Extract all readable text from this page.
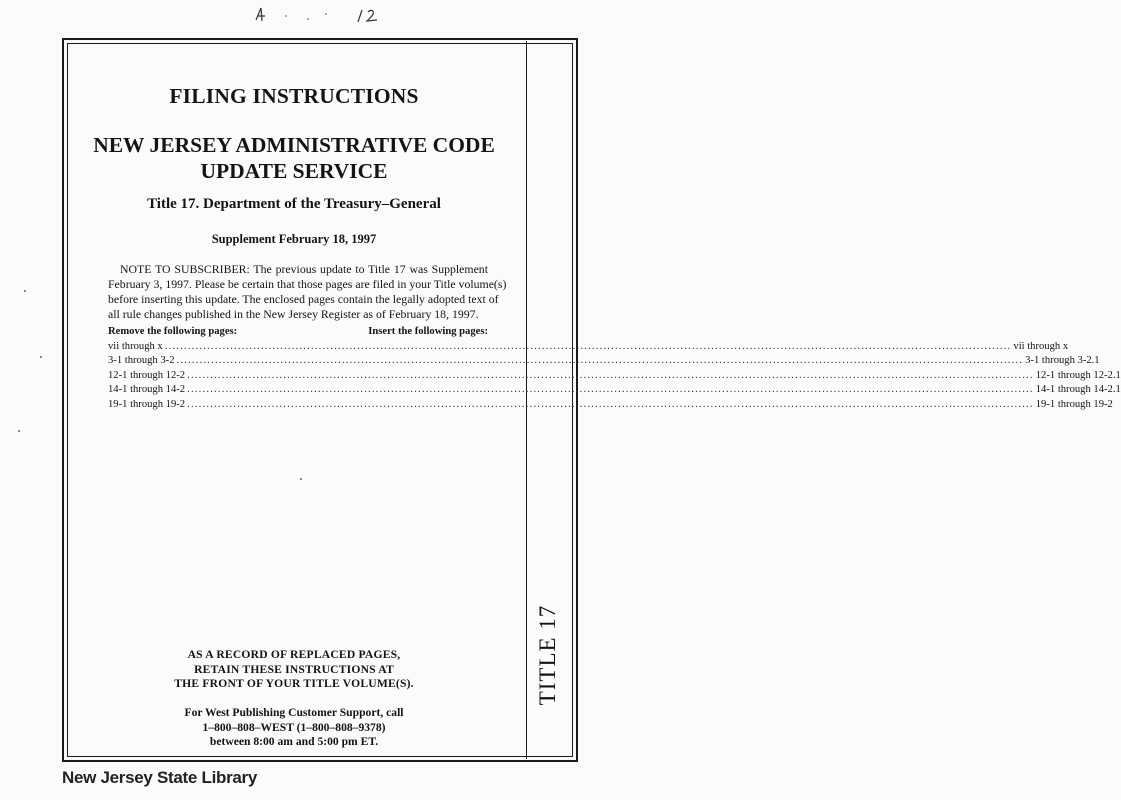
TITLE 17
FILING INSTRUCTIONS
NEW JERSEY ADMINISTRATIVE CODE
UPDATE SERVICE
Title 17. Department of the Treasury–General
Supplement February 18, 1997
NOTE TO SUBSCRIBER: The previous update to Title 17 was Supplement
February 3, 1997. Please be certain that those pages are filed in your Title volume(s)
before inserting this update. The enclosed pages contain the legally adopted text of
all rule changes published in the New Jersey Register as of February 18, 1997.
Remove the following pages:	Insert the following pages:
vii through x ............................................................................................................................................................................................................................ vii through x
3-1 through 3-2 ............................................................................................................................................................................................................................ 3-1 through 3-2.1
12-1 through 12-2 ............................................................................................................................................................................................................................ 12-1 through 12-2.1
14-1 through 14-2 ............................................................................................................................................................................................................................ 14-1 through 14-2.1
19-1 through 19-2 ............................................................................................................................................................................................................................ 19-1 through 19-2
AS A RECORD OF REPLACED PAGES,
RETAIN THESE INSTRUCTIONS AT
THE FRONT OF YOUR TITLE VOLUME(S).
For West Publishing Customer Support, call
1–800–808–WEST (1–800–808–9378)
between 8:00 am and 5:00 pm ET.
New Jersey State Library
